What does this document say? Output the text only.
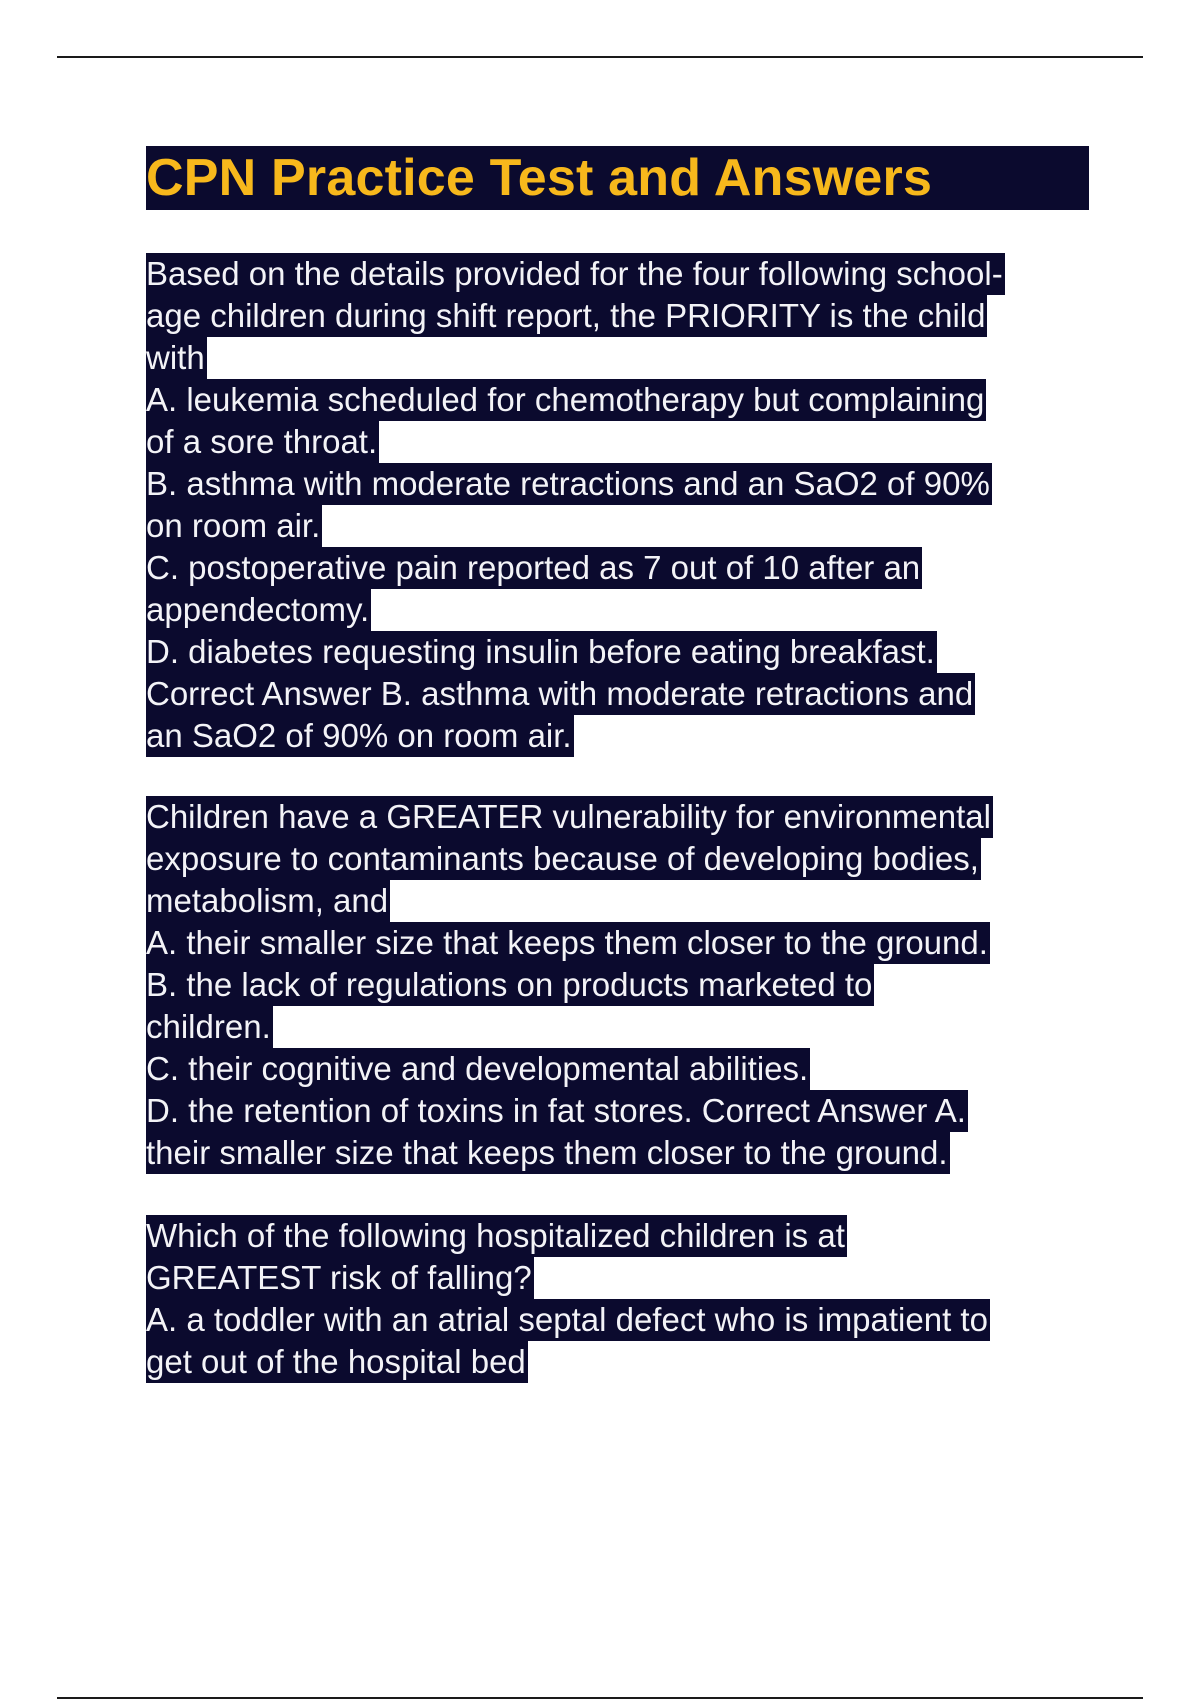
CPN Practice Test and Answers
Based on the details provided for the four following school-
age children during shift report, the PRIORITY is the child
with
A. leukemia scheduled for chemotherapy but complaining
of a sore throat.
B. asthma with moderate retractions and an SaO2 of 90%
on room air.
C. postoperative pain reported as 7 out of 10 after an
appendectomy.
D. diabetes requesting insulin before eating breakfast.
Correct Answer B. asthma with moderate retractions and
an SaO2 of 90% on room air.
Children have a GREATER vulnerability for environmental
exposure to contaminants because of developing bodies,
metabolism, and
A. their smaller size that keeps them closer to the ground.
B. the lack of regulations on products marketed to
children.
C. their cognitive and developmental abilities.
D. the retention of toxins in fat stores. Correct Answer A.
their smaller size that keeps them closer to the ground.
Which of the following hospitalized children is at
GREATEST risk of falling?
A. a toddler with an atrial septal defect who is impatient to
get out of the hospital bed
